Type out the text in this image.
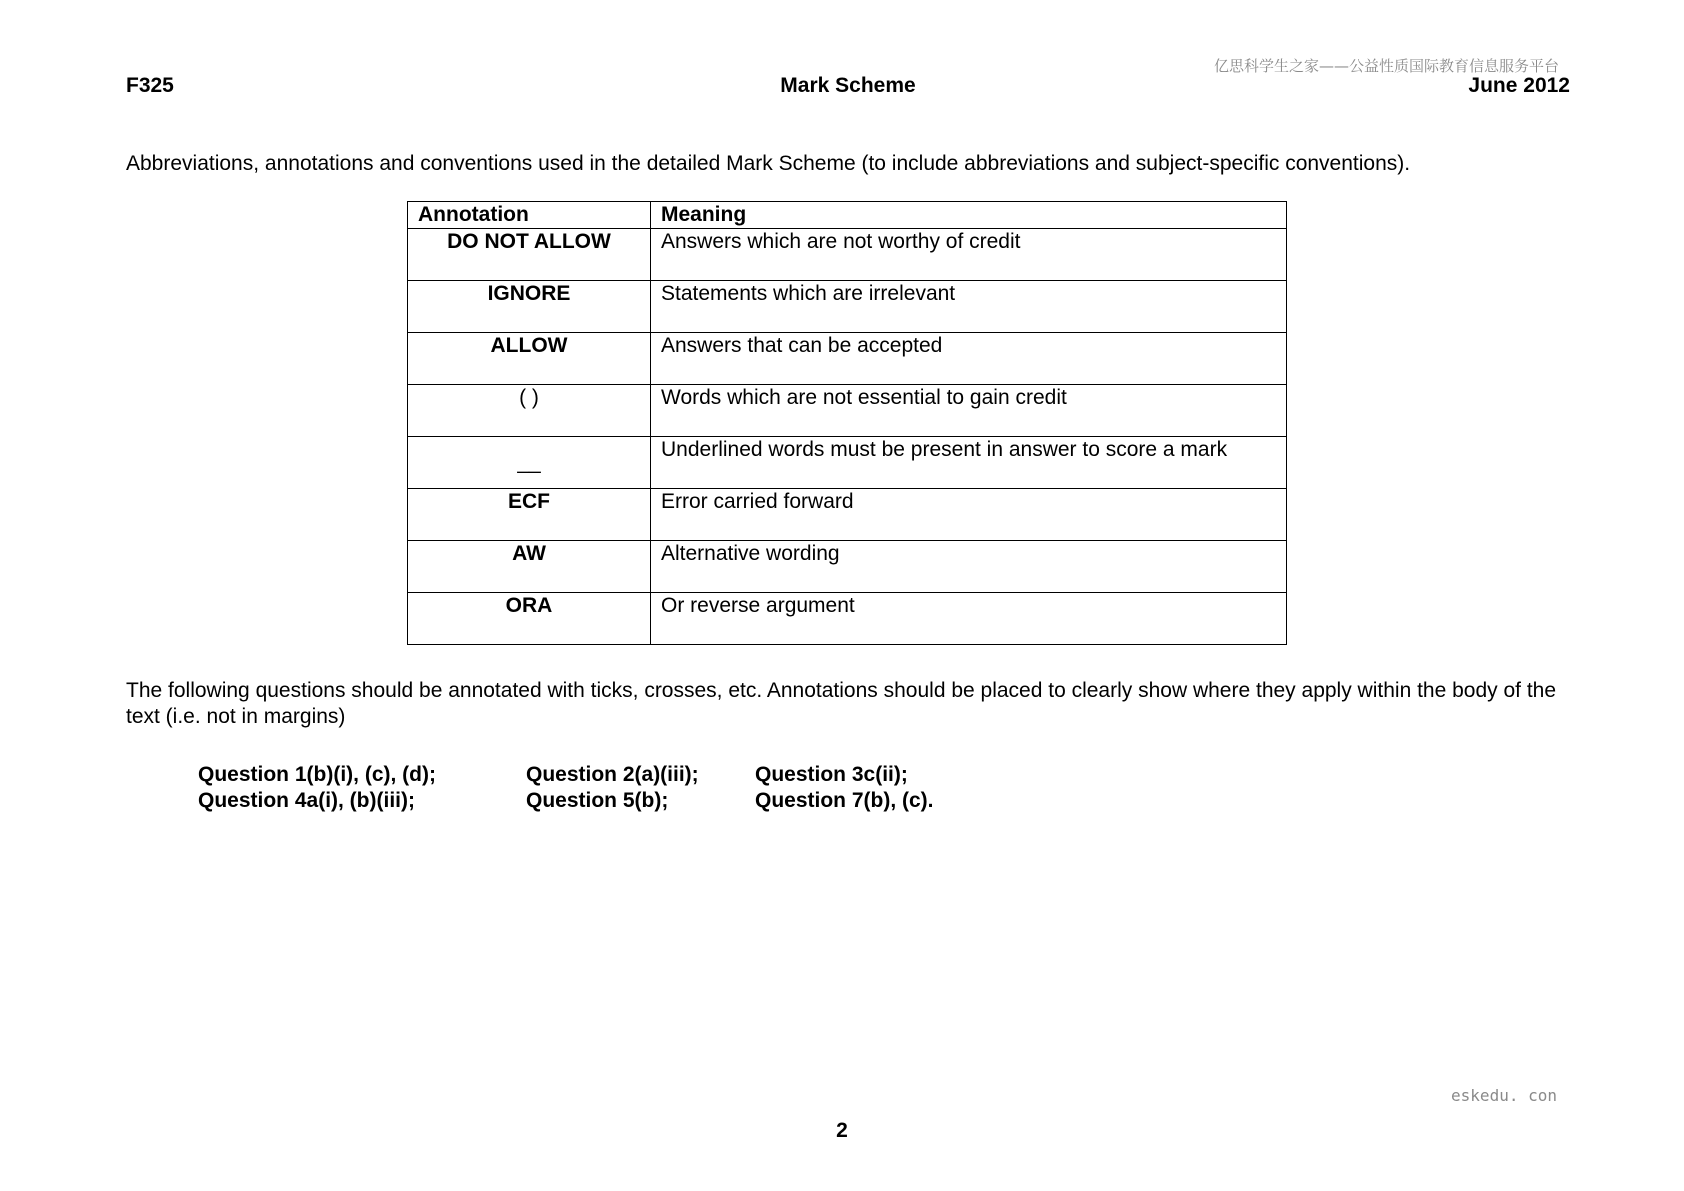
亿思科学生之家——公益性质国际教育信息服务平台
F325	Mark Scheme	June 2012
Abbreviations, annotations and conventions used in the detailed Mark Scheme (to include abbreviations and subject-specific conventions).
Annotation	Meaning
DO NOT ALLOW	Answers which are not worthy of credit
IGNORE	Statements which are irrelevant
ALLOW	Answers that can be accepted
( )	Words which are not essential to gain credit
__	Underlined words must be present in answer to score a mark
ECF	Error carried forward
AW	Alternative wording
ORA	Or reverse argument
The following questions should be annotated with ticks, crosses, etc. Annotations should be placed to clearly show where they apply within the body of the text (i.e. not in margins)
Question 1(b)(i), (c), (d);	Question 2(a)(iii);	Question 3c(ii);
Question 4a(i), (b)(iii);	Question 5(b);	Question 7(b), (c).
eskedu. con
2
